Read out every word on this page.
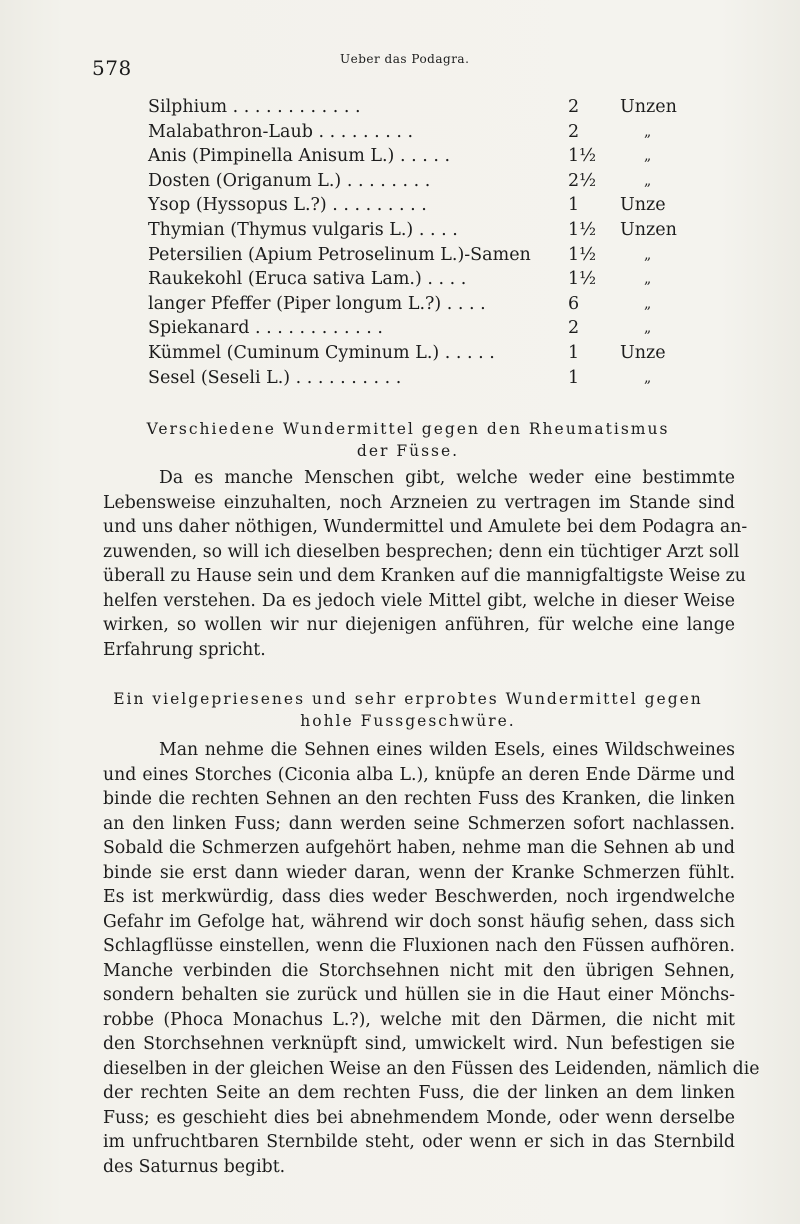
578	Ueber das Podagra.
Silphium . . . . . . . . . . . .	2 Unzen
Malabathron-Laub . . . . . . . . .	2	„
Anis (Pimpinella Anisum L.) . . . . .	1½	„
Dosten (Origanum L.) . . . . . . . .	2½	„
Ysop (Hyssopus L.?) . . . . . . . . .	1 Unze
Thymian (Thymus vulgaris L.) . . . .	1½ Unzen
Petersilien (Apium Petroselinum L.)-Samen 1½	„
Raukekohl (Eruca sativa Lam.) . . . .	1½	„
langer Pfeffer (Piper longum L.?) . . . .	6	„
Spiekanard . . . . . . . . . . . .	2	„
Kümmel (Cuminum Cyminum L.) . . . . .	1 Unze
Sesel (Seseli L.) . . . . . . . . . .	1	„
Verschiedene Wundermittel gegen den Rheumatismus
der Füsse.
Da es manche Menschen gibt, welche weder eine bestimmte
Lebensweise einzuhalten, noch Arzneien zu vertragen im Stande sind
und uns daher nöthigen, Wundermittel und Amulete bei dem Podagra an-
zuwenden, so will ich dieselben besprechen; denn ein tüchtiger Arzt soll
überall zu Hause sein und dem Kranken auf die mannigfaltigste Weise zu
helfen verstehen. Da es jedoch viele Mittel gibt, welche in dieser Weise
wirken, so wollen wir nur diejenigen anführen, für welche eine lange
Erfahrung spricht.
Ein vielgepriesenes und sehr erprobtes Wundermittel gegen
hohle Fussgeschwüre.
Man nehme die Sehnen eines wilden Esels, eines Wildschweines
und eines Storches (Ciconia alba L.), knüpfe an deren Ende Därme und
binde die rechten Sehnen an den rechten Fuss des Kranken, die linken
an den linken Fuss; dann werden seine Schmerzen sofort nachlassen.
Sobald die Schmerzen aufgehört haben, nehme man die Sehnen ab und
binde sie erst dann wieder daran, wenn der Kranke Schmerzen fühlt.
Es ist merkwürdig, dass dies weder Beschwerden, noch irgendwelche
Gefahr im Gefolge hat, während wir doch sonst häufig sehen, dass sich
Schlagflüsse einstellen, wenn die Fluxionen nach den Füssen aufhören.
Manche verbinden die Storchsehnen nicht mit den übrigen Sehnen,
sondern behalten sie zurück und hüllen sie in die Haut einer Mönchs-
robbe (Phoca Monachus L.?), welche mit den Därmen, die nicht mit
den Storchsehnen verknüpft sind, umwickelt wird. Nun befestigen sie
dieselben in der gleichen Weise an den Füssen des Leidenden, nämlich die
der rechten Seite an dem rechten Fuss, die der linken an dem linken
Fuss; es geschieht dies bei abnehmendem Monde, oder wenn derselbe
im unfruchtbaren Sternbilde steht, oder wenn er sich in das Sternbild
des Saturnus begibt.
